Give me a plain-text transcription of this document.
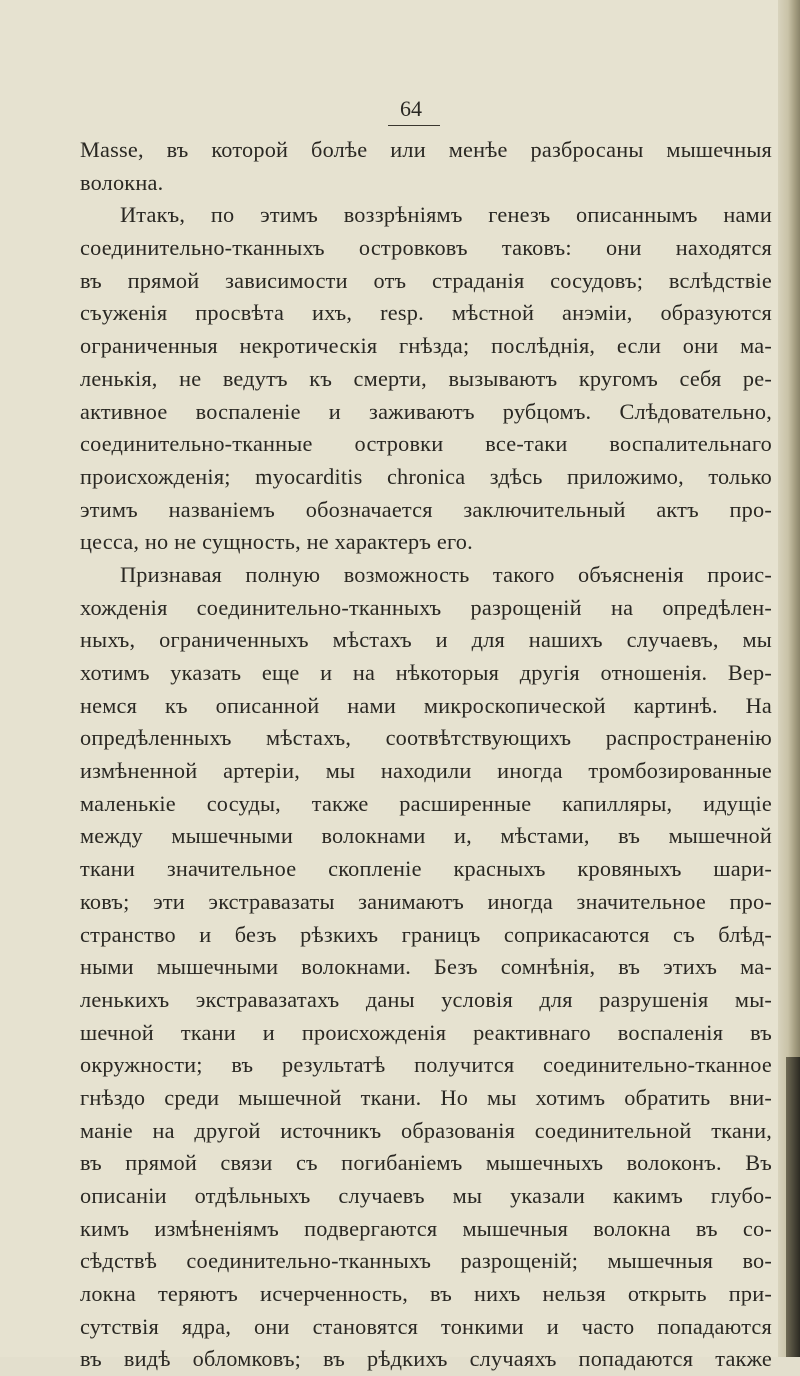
64
Masse, въ которой болѣе или менѣе разбросаны мышечныя
волокна.
Итакъ, по этимъ воззрѣніямъ генезъ описаннымъ нами
соединительно-тканныхъ островковъ таковъ: они находятся
въ прямой зависимости отъ страданія сосудовъ; вслѣдствіе
съуженія просвѣта ихъ, resp. мѣстной анэміи, образуются
ограниченныя некротическія гнѣзда; послѣднія, если они ма-
ленькія, не ведутъ къ смерти, вызываютъ кругомъ себя ре-
активное воспаленіе и заживаютъ рубцомъ. Слѣдовательно,
соединительно-тканные островки все-таки воспалительнаго
происхожденія; myocarditis chronica здѣсь приложимо, только
этимъ названіемъ обозначается заключительный актъ про-
цесса, но не сущность, не характеръ его.
Признавая полную возможность такого объясненія проис-
хожденія соединительно-тканныхъ разрощеній на опредѣлен-
ныхъ, ограниченныхъ мѣстахъ и для нашихъ случаевъ, мы
хотимъ указать еще и на нѣкоторыя другія отношенія. Вер-
немся къ описанной нами микроскопической картинѣ. На
опредѣленныхъ мѣстахъ, соотвѣтствующихъ распространенію
измѣненной артеріи, мы находили иногда тромбозированные
маленькіе сосуды, также расширенные капилляры, идущіе
между мышечными волокнами и, мѣстами, въ мышечной
ткани значительное скопленіе красныхъ кровяныхъ шари-
ковъ; эти экстравазаты занимаютъ иногда значительное про-
странство и безъ рѣзкихъ границъ соприкасаются съ блѣд-
ными мышечными волокнами. Безъ сомнѣнія, въ этихъ ма-
ленькихъ экстравазатахъ даны условія для разрушенія мы-
шечной ткани и происхожденія реактивнаго воспаленія въ
окружности; въ результатѣ получится соединительно-тканное
гнѣздо среди мышечной ткани. Но мы хотимъ обратить вни-
маніе на другой источникъ образованія соединительной ткани,
въ прямой связи съ погибаніемъ мышечныхъ волоконъ. Въ
описаніи отдѣльныхъ случаевъ мы указали какимъ глубо-
кимъ измѣненіямъ подвергаются мышечныя волокна въ со-
сѣдствѣ соединительно-тканныхъ разрощеній; мышечныя во-
локна теряютъ исчерченность, въ нихъ нельзя открыть при-
сутствія ядра, они становятся тонкими и часто попадаются
въ видѣ обломковъ; въ рѣдкихъ случаяхъ попадаются также
